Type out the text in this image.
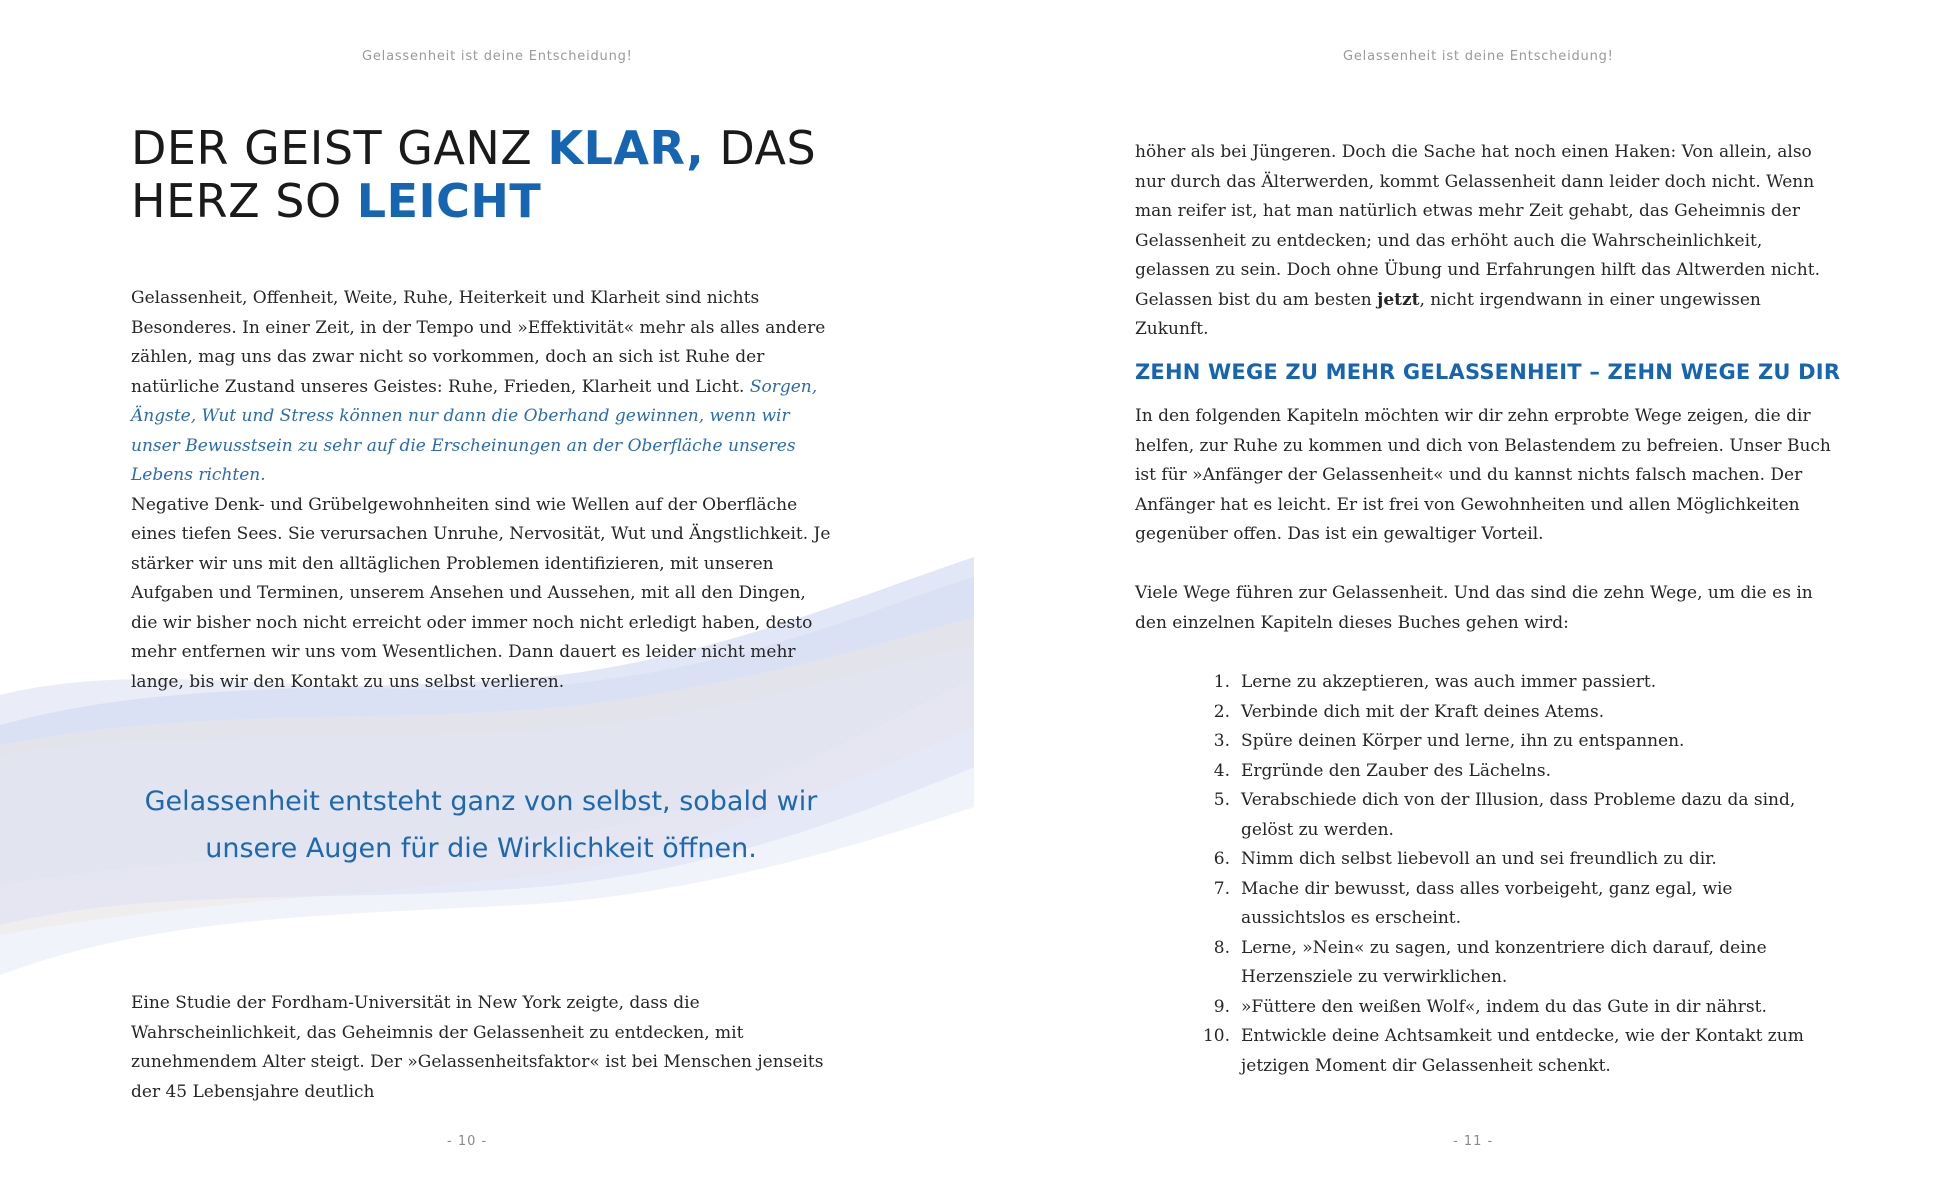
Gelassenheit ist deine Entscheidung!
DER GEIST GANZ KLAR, DAS
HERZ SO LEICHT

Gelassenheit, Offenheit, Weite, Ruhe, Heiterkeit und Klarheit sind nichts Besonderes. In einer Zeit, in der Tempo und »Effektivität« mehr als alles andere zählen, mag uns das zwar nicht so vorkommen, doch an sich ist Ruhe der natürliche Zustand unseres Geistes: Ruhe, Frieden, Klarheit und Licht. Sorgen, Ängste, Wut und Stress können nur dann die Oberhand gewinnen, wenn wir unser Bewusstsein zu sehr auf die Erscheinungen an der Oberfläche unseres Lebens richten.
Negative Denk- und Grübelgewohnheiten sind wie Wellen auf der Oberfläche eines tiefen Sees. Sie verursachen Unruhe, Nervosität, Wut und Ängstlichkeit. Je stärker wir uns mit den alltäglichen Problemen identifizieren, mit unseren Aufgaben und Terminen, unserem Ansehen und Aussehen, mit all den Dingen, die wir bisher noch nicht erreicht oder immer noch nicht erledigt haben, desto mehr entfernen wir uns vom Wesentlichen. Dann dauert es leider nicht mehr lange, bis wir den Kontakt zu uns selbst verlieren.

Gelassenheit entsteht ganz von selbst, sobald wir
unsere Augen für die Wirklichkeit öffnen.

Eine Studie der Fordham-Universität in New York zeigte, dass die Wahrscheinlichkeit, das Geheimnis der Gelassenheit zu entdecken, mit zunehmendem Alter steigt. Der »Gelassenheitsfaktor« ist bei Menschen jenseits der 45 Lebensjahre deutlich

- 10 -
Gelassenheit ist deine Entscheidung!

höher als bei Jüngeren. Doch die Sache hat noch einen Haken: Von allein, also nur durch das Älterwerden, kommt Gelassenheit dann leider doch nicht. Wenn man reifer ist, hat man natürlich etwas mehr Zeit gehabt, das Geheimnis der Gelassenheit zu entdecken; und das erhöht auch die Wahrscheinlichkeit, gelassen zu sein. Doch ohne Übung und Erfahrungen hilft das Altwerden nicht. Gelassen bist du am besten jetzt, nicht irgendwann in einer ungewissen Zukunft.

ZEHN WEGE ZU MEHR GELASSENHEIT – ZEHN WEGE ZU DIR

In den folgenden Kapiteln möchten wir dir zehn erprobte Wege zeigen, die dir helfen, zur Ruhe zu kommen und dich von Belastendem zu befreien. Unser Buch ist für »Anfänger der Gelassenheit« und du kannst nichts falsch machen. Der Anfänger hat es leicht. Er ist frei von Gewohnheiten und allen Möglichkeiten gegenüber offen. Das ist ein gewaltiger Vorteil.

Viele Wege führen zur Gelassenheit. Und das sind die zehn Wege, um die es in den einzelnen Kapiteln dieses Buches gehen wird:

1. Lerne zu akzeptieren, was auch immer passiert.
2. Verbinde dich mit der Kraft deines Atems.
3. Spüre deinen Körper und lerne, ihn zu entspannen.
4. Ergründe den Zauber des Lächelns.
5. Verabschiede dich von der Illusion, dass Probleme dazu da sind, gelöst zu werden.
6. Nimm dich selbst liebevoll an und sei freundlich zu dir.
7. Mache dir bewusst, dass alles vorbeigeht, ganz egal, wie aussichtslos es erscheint.
8. Lerne, »Nein« zu sagen, und konzentriere dich darauf, deine Herzensziele zu verwirklichen.
9. »Füttere den weißen Wolf«, indem du das Gute in dir nährst.
10. Entwickle deine Achtsamkeit und entdecke, wie der Kontakt zum jetzigen Moment dir Gelassenheit schenkt.
- 11 -
